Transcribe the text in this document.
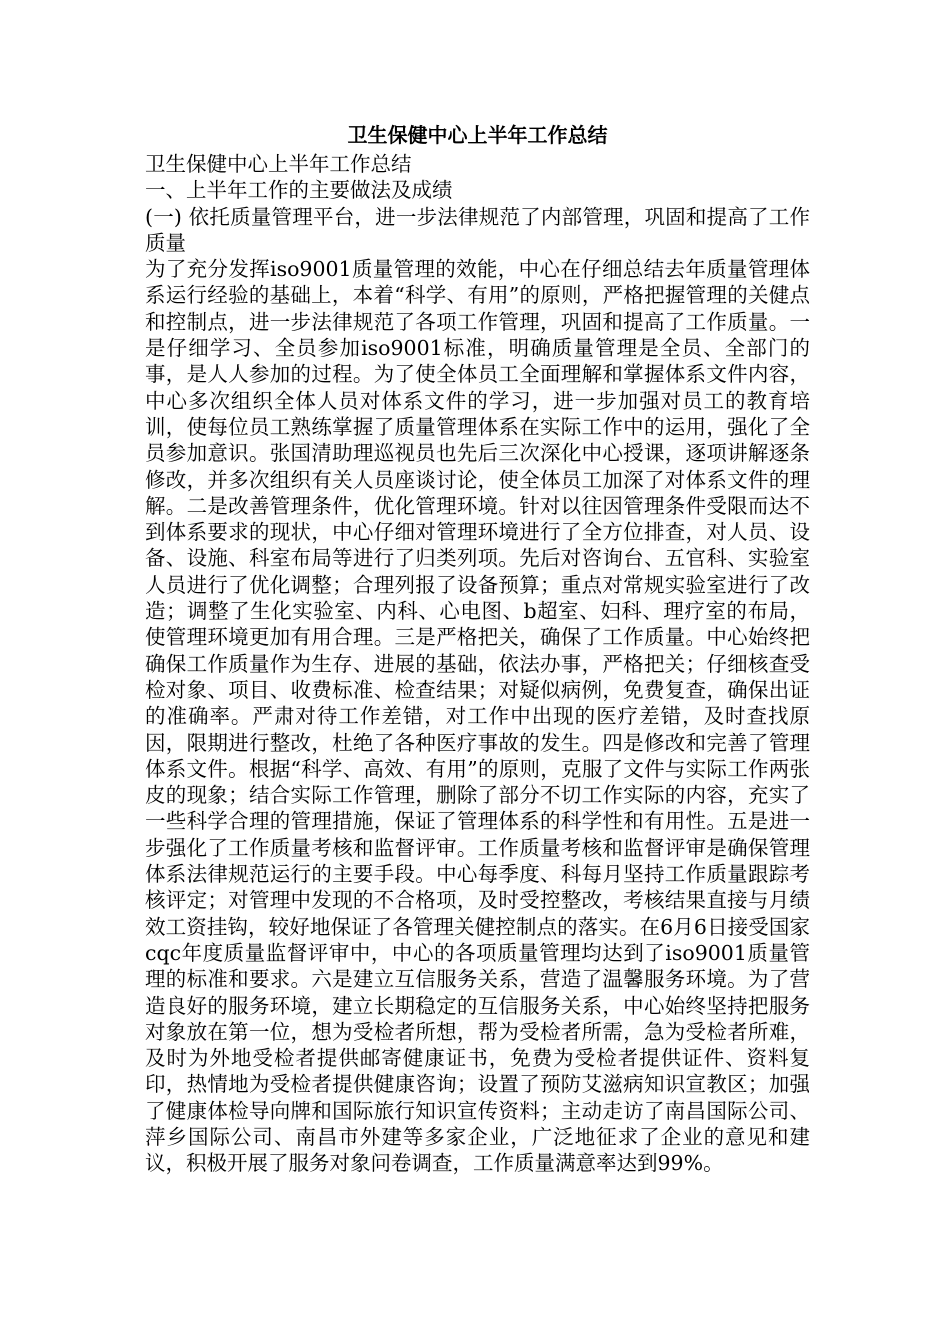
卫生保健中心上半年工作总结

卫生保健中心上半年工作总结

一、上半年工作的主要做法及成绩

(一) 依托质量管理平台，进一步法律规范了内部管理，巩固和提高了工作质量

为了充分发挥iso9001质量管理的效能，中心在仔细总结去年质量管理体系运行经验的基础上，本着“科学、有用”的原则，严格把握管理的关健点和控制点，进一步法律规范了各项工作管理，巩固和提高了工作质量。一是仔细学习、全员参加iso9001标准，明确质量管理是全员、全部门的事，是人人参加的过程。为了使全体员工全面理解和掌握体系文件内容，中心多次组织全体人员对体系文件的学习，进一步加强对员工的教育培训，使每位员工熟练掌握了质量管理体系在实际工作中的运用，强化了全员参加意识。张国清助理巡视员也先后三次深化中心授课，逐项讲解逐条修改，并多次组织有关人员座谈讨论，使全体员工加深了对体系文件的理解。二是改善管理条件，优化管理环境。针对以往因管理条件受限而达不到体系要求的现状，中心仔细对管理环境进行了全方位排查，对人员、设备、设施、科室布局等进行了归类列项。先后对咨询台、五官科、实验室人员进行了优化调整；合理列报了设备预算；重点对常规实验室进行了改造；调整了生化实验室、内科、心电图、b超室、妇科、理疗室的布局，使管理环境更加有用合理。三是严格把关，确保了工作质量。中心始终把确保工作质量作为生存、进展的基础，依法办事，严格把关；仔细核查受检对象、项目、收费标准、检查结果；对疑似病例，免费复查，确保出证的准确率。严肃对待工作差错，对工作中出现的医疗差错，及时查找原因，限期进行整改，杜绝了各种医疗事故的发生。四是修改和完善了管理体系文件。根据“科学、高效、有用”的原则，克服了文件与实际工作两张皮的现象；结合实际工作管理，删除了部分不切工作实际的内容，充实了一些科学合理的管理措施，保证了管理体系的科学性和有用性。五是进一步强化了工作质量考核和监督评审。工作质量考核和监督评审是确保管理体系法律规范运行的主要手段。中心每季度、科每月坚持工作质量跟踪考核评定；对管理中发现的不合格项，及时受控整改，考核结果直接与月绩效工资挂钩，较好地保证了各管理关健控制点的落实。在6月6日接受国家cqc年度质量监督评审中，中心的各项质量管理均达到了iso9001质量管理的标准和要求。六是建立互信服务关系，营造了温馨服务环境。为了营造良好的服务环境，建立长期稳定的互信服务关系，中心始终坚持把服务对象放在第一位，想为受检者所想，帮为受检者所需，急为受检者所难，及时为外地受检者提供邮寄健康证书，免费为受检者提供证件、资料复印，热情地为受检者提供健康咨询；设置了预防艾滋病知识宣教区；加强了健康体检导向牌和国际旅行知识宣传资料；主动走访了南昌国际公司、萍乡国际公司、南昌市外建等多家企业，广泛地征求了企业的意见和建议，积极开展了服务对象问卷调查，工作质量满意率达到99%。
